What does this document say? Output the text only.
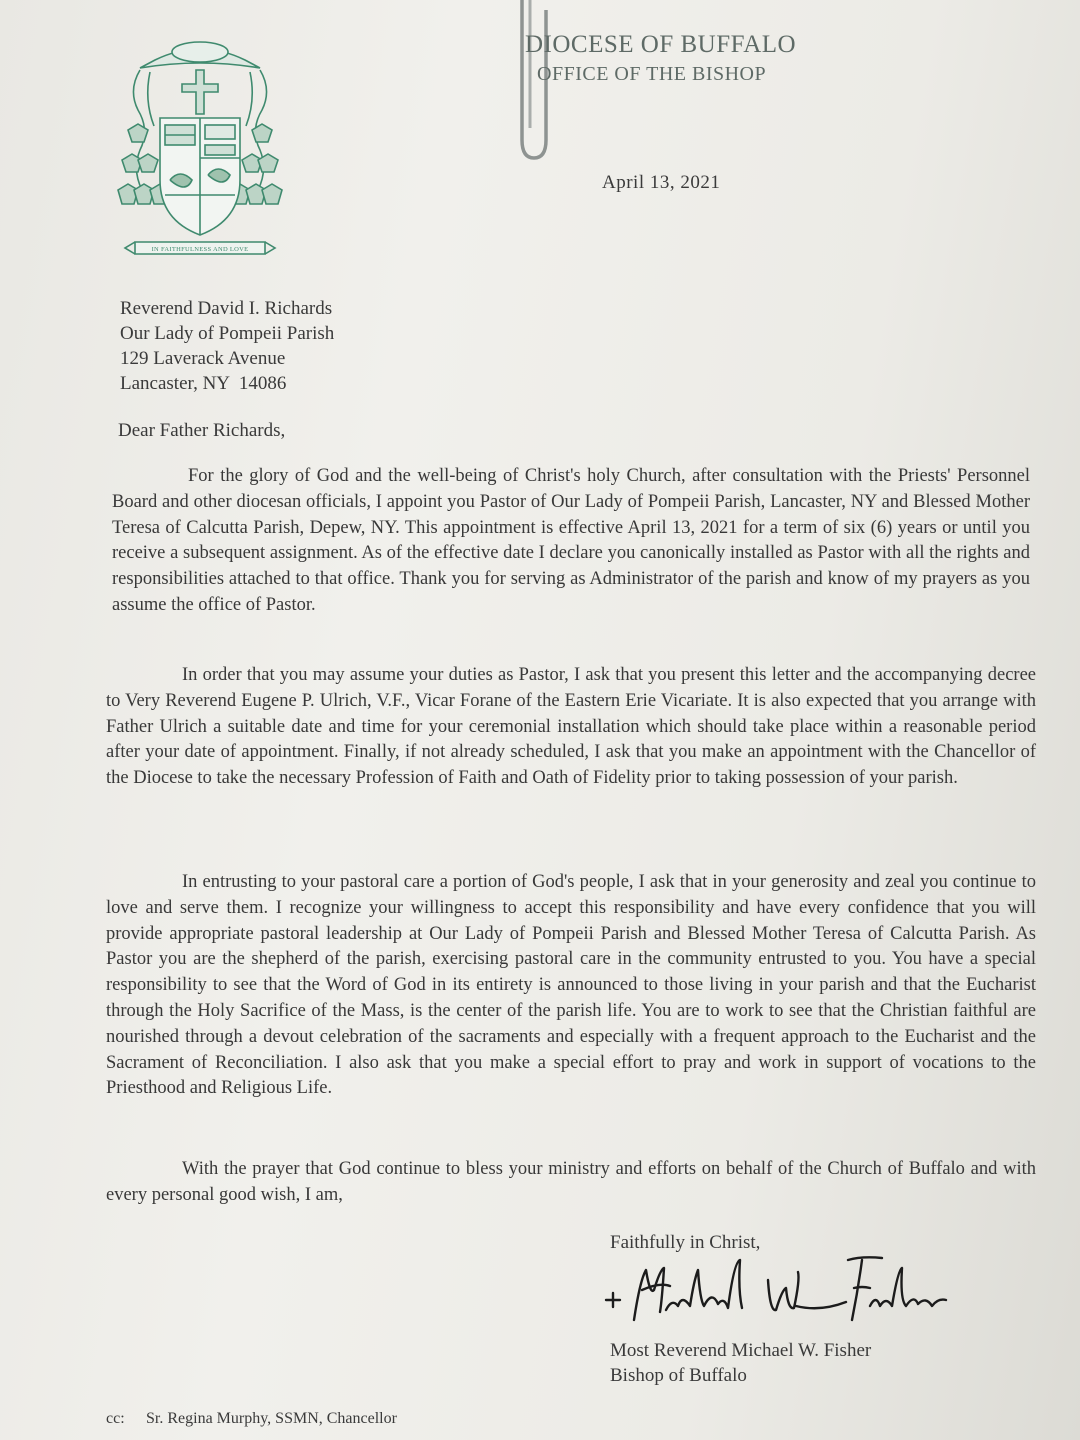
IN FAITHFULNESS AND LOVE
DIOCESE OF BUFFALO
OFFICE OF THE BISHOP
April 13, 2021
Reverend David I. Richards
Our Lady of Pompeii Parish
129 Laverack Avenue
Lancaster, NY  14086
Dear Father Richards,
For the glory of God and the well-being of Christ's holy Church, after consultation with the Priests' Personnel Board and other diocesan officials, I appoint you Pastor of Our Lady of Pompeii Parish, Lancaster, NY and Blessed Mother Teresa of Calcutta Parish, Depew, NY. This appointment is effective April 13, 2021 for a term of six (6) years or until you receive a subsequent assignment. As of the effective date I declare you canonically installed as Pastor with all the rights and responsibilities attached to that office. Thank you for serving as Administrator of the parish and know of my prayers as you assume the office of Pastor.
In order that you may assume your duties as Pastor, I ask that you present this letter and the accompanying decree to Very Reverend Eugene P. Ulrich, V.F., Vicar Forane of the Eastern Erie Vicariate. It is also expected that you arrange with Father Ulrich a suitable date and time for your ceremonial installation which should take place within a reasonable period after your date of appointment. Finally, if not already scheduled, I ask that you make an appointment with the Chancellor of the Diocese to take the necessary Profession of Faith and Oath of Fidelity prior to taking possession of your parish.
In entrusting to your pastoral care a portion of God's people, I ask that in your generosity and zeal you continue to love and serve them. I recognize your willingness to accept this responsibility and have every confidence that you will provide appropriate pastoral leadership at Our Lady of Pompeii Parish and Blessed Mother Teresa of Calcutta Parish. As Pastor you are the shepherd of the parish, exercising pastoral care in the community entrusted to you. You have a special responsibility to see that the Word of God in its entirety is announced to those living in your parish and that the Eucharist through the Holy Sacrifice of the Mass, is the center of the parish life. You are to work to see that the Christian faithful are nourished through a devout celebration of the sacraments and especially with a frequent approach to the Eucharist and the Sacrament of Reconciliation. I also ask that you make a special effort to pray and work in support of vocations to the Priesthood and Religious Life.
With the prayer that God continue to bless your ministry and efforts on behalf of the Church of Buffalo and with every personal good wish, I am,
Faithfully in Christ,
Most Reverend Michael W. Fisher
Bishop of Buffalo
cc: Sr. Regina Murphy, SSMN, Chancellor
